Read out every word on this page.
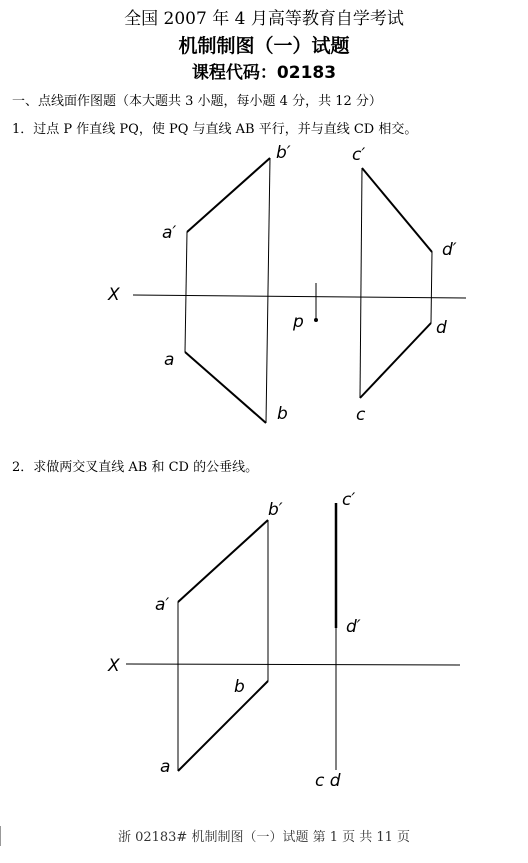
全国 2007 年 4 月高等教育自学考试
机制制图（一）试题
课程代码：02183
一、点线面作图题（本大题共 3 小题，每小题 4 分，共 12 分）
1．过点 P 作直线 PQ，使 PQ 与直线 AB 平行，并与直线 CD 相交。
b′	c′
a′
d′
X
p	d
a
b	c
2．求做两交叉直线 AB 和 CD 的公垂线。
b′	c′
a′
d′
X
b
a
c d
浙 02183# 机制制图（一）试题 第 1 页 共 11 页
